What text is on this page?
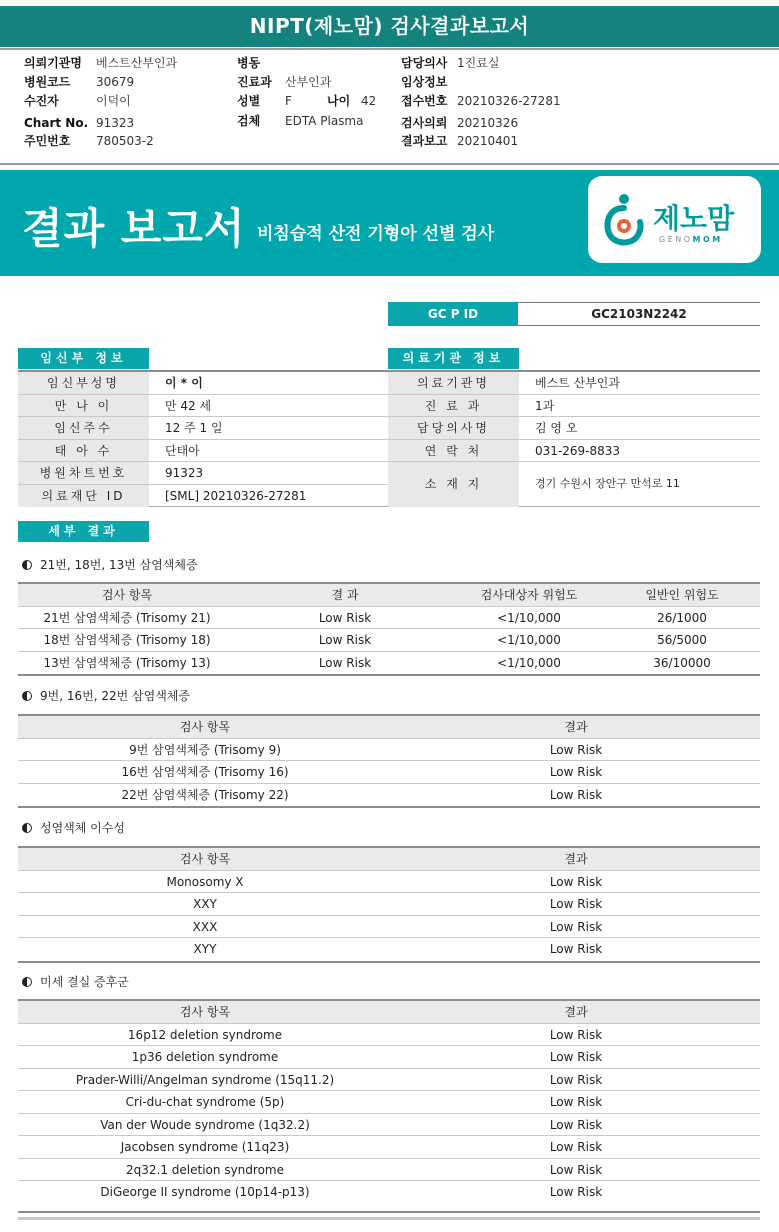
NIPT(제노맘) 검사결과보고서
의뢰기관명 베스트산부인과
병원코드 30679
수진자	이덕이
Chart No. 91323
주민번호 780503-2
병동
진료과 산부인과
성별 F	나이 42
검체 EDTA Plasma
담당의사 1진료실
임상정보
접수번호 20210326-27281
검사의뢰 20210326
결과보고 20210401
결과 보고서 비침습적 산전 기형아 선별 검사	제노맘
GENOMOM
GC P ID	GC2103N2242
임신부 정보
임신부성명	이 * 이
만 나 이	만 42 세
임신주수	12 주 1 일
태 아 수	단태아
병원차트번호	91323
의료재단 ID	[SML] 20210326-27281
의료기관 정보
의료기관명	베스트 산부인과
진 료 과	1과
담당의사명	김 영 오
연 락 처	031-269-8833
소 재 지	경기 수원시 장안구 만석로 11
세부 결과
21번, 18번, 13번 삼염색체증
검사 항목	결 과	검사대상자 위험도	일반인 위험도
21번 삼염색체증 (Trisomy 21)	Low Risk	<1/10,000	26/1000
18번 삼염색체증 (Trisomy 18)	Low Risk	<1/10,000	56/5000
13번 삼염색체증 (Trisomy 13)	Low Risk	<1/10,000	36/10000
9번, 16번, 22번 삼염색체증
검사 항목	결과
9번 삼염색체증 (Trisomy 9)	Low Risk
16번 삼염색체증 (Trisomy 16)	Low Risk
22번 삼염색체증 (Trisomy 22)	Low Risk
성염색체 이수성
검사 항목	결과
Monosomy X	Low Risk
XXY	Low Risk
XXX	Low Risk
XYY	Low Risk
미세 결실 증후군
검사 항목	결과
16p12 deletion syndrome	Low Risk
1p36 deletion syndrome	Low Risk
Prader-Willi/Angelman syndrome (15q11.2)	Low Risk
Cri-du-chat syndrome (5p)	Low Risk
Van der Woude syndrome (1q32.2)	Low Risk
Jacobsen syndrome (11q23)	Low Risk
2q32.1 deletion syndrome	Low Risk
DiGeorge II syndrome (10p14-p13)	Low Risk
